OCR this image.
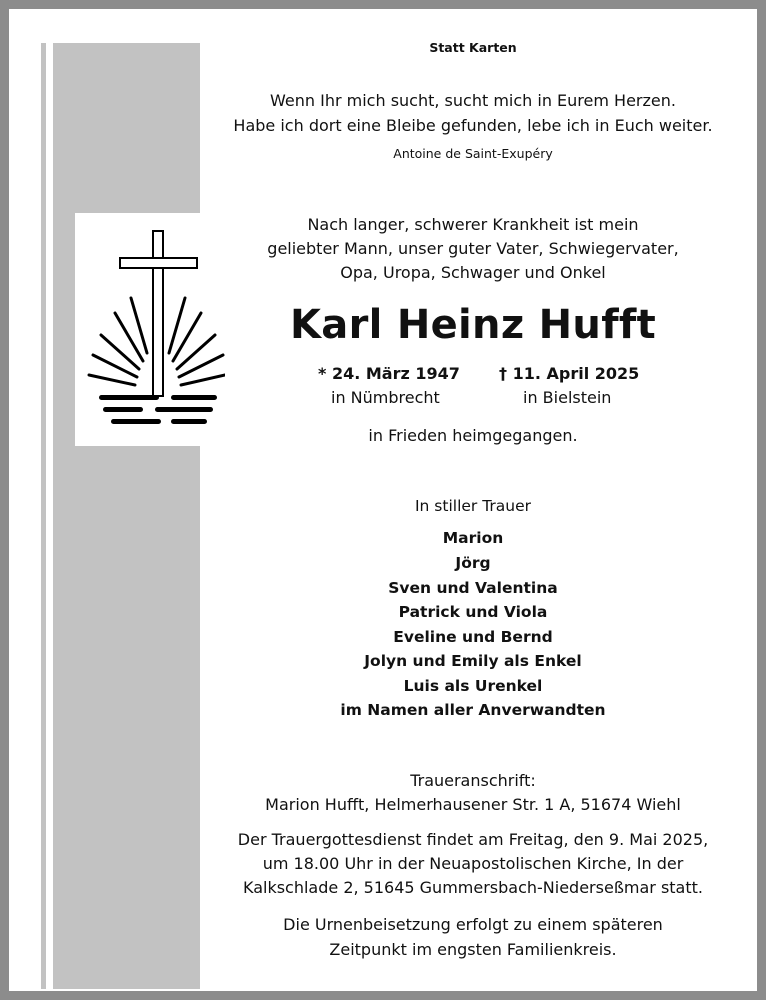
Statt Karten
Wenn Ihr mich sucht, sucht mich in Eurem Herzen.
Habe ich dort eine Bleibe gefunden, lebe ich in Euch weiter.
Antoine de Saint-Exupéry
Nach langer, schwerer Krankheit ist mein
geliebter Mann, unser guter Vater, Schwiegervater,
Opa, Uropa, Schwager und Onkel
Karl Heinz Hufft
* 24. März 1947 † 11. April 2025
in Nümbrecht	in Bielstein
in Frieden heimgegangen.
In stiller Trauer
Marion
Jörg
Sven und Valentina
Patrick und Viola
Eveline und Bernd
Jolyn und Emily als Enkel
Luis als Urenkel
im Namen aller Anverwandten
Traueranschrift:
Marion Hufft, Helmerhausener Str. 1 A, 51674 Wiehl
Der Trauergottesdienst findet am Freitag, den 9. Mai 2025,
um 18.00 Uhr in der Neuapostolischen Kirche, In der
Kalkschlade 2, 51645 Gummersbach-Niederseßmar statt.
Die Urnenbeisetzung erfolgt zu einem späteren
Zeitpunkt im engsten Familienkreis.
